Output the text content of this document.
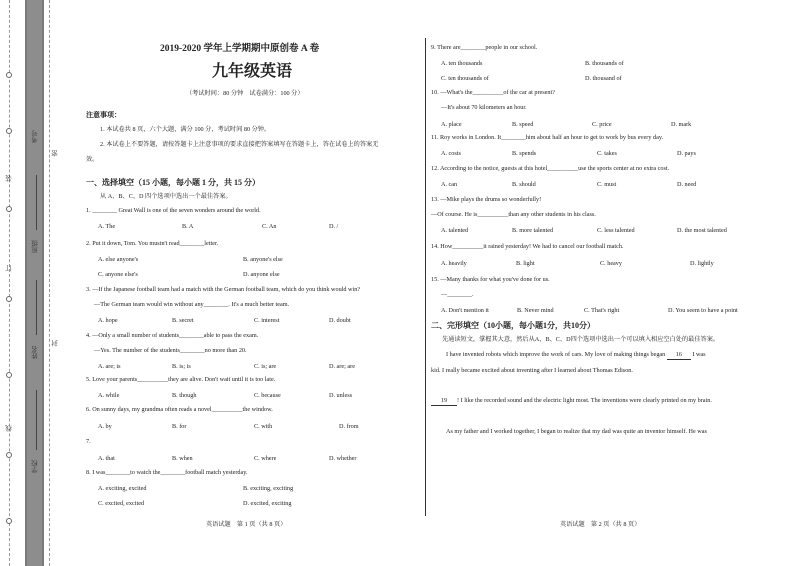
装
订
线
学校
姓名
班级
考号
密
封
2019-2020 学年上学期期中原创卷 A 卷
九年级英语
（考试时间：80 分钟　试卷满分：100 分）
注意事项：
1. 本试卷共 8 页，六个大题，满分 100 分，考试时间 80 分钟。
2. 本试卷上不要答题，请按答题卡上注意事项的要求直接把答案填写在答题卡上，答在试卷上的答案无
效。
一、选择填空（15 小题，每小题 1 分，共 15 分）
从 A、B、C、D 四个选项中选出一个最佳答案。
1. ________ Great Wall is one of the seven wonders around the world.
A. The	B. A	C. An	D. /
2. Put it down, Tom. You mustn't read________letter.
A. else anyone's	B. anyone's else
C. anyone else's	D. anyone else
3. —If the Japanese football team had a match with the German football team, which do you think would win?
—The German team would win without any________. It's a much better team.
A. hope	B. secret	C. interest	D. doubt
4. —Only a small number of students________able to pass the exam.
—Yes. The number of the students________no more than 20.
A. are; is	B. is; is	C. is; are	D. are; are
5. Love your parents__________they are alive. Don't wait until it is too late.
A. while	B. though	C. because	D. unless
6. On sunny days, my grandma often reads a novel__________the window.
A. by	B. for	C. with	D. from
7.
A. that	B. when	C. where	D. whether
8. I was________to watch the________football match yesterday.
A. exciting, excited	B. exciting, exciting
C. excited, excited	D. excited, exciting
英语试题　第 1 页（共 8 页）
9. There are________people in our school.
A. ten thousands	B. thousands of
C. ten thousands of	D. thousand of
10. —What's the__________of the car at present?
—It's about 70 kilometers an hour.
A. place	B. speed	C. price	D. mark
11. Roy works in London. It________him about half an hour to get to work by bus every day.
A. costs	B. spends	C. takes	D. pays
12. According to the notice, guests at this hotel__________use the sports center at no extra cost.
A. can	B. should	C. must	D. need
13. —Mike plays the drums so wonderfully!
—Of course. He is__________than any other students in his class.
A. talented	B. more talented	C. less talented	D. the most talented
14. How__________it rained yesterday! We had to cancel our football match.
A. heavily	B. light	C. heavy	D. lightly
15. —Many thanks for what you've done for us.
—________.
A. Don't mention it	B. Never mind	C. That's right	D. You seem to have a point
二、完形填空（10小题，每小题1分，共10分）
先通读短文，掌握其大意，然后从A、B、C、D四个选项中选出一个可以填入相应空白处的最佳答案。
I have invented robots which improve the work of cars. My love of making things began 16 I was
kid. I really became excited about inventing after I learned about Thomas Edison.
19 ! I like the recorded sound and the electric light most. The inventions were clearly printed on my brain.
As my father and I worked together, I began to realize that my dad was quite an inventor himself. He was
英语试题　第 2 页（共 8 页）
